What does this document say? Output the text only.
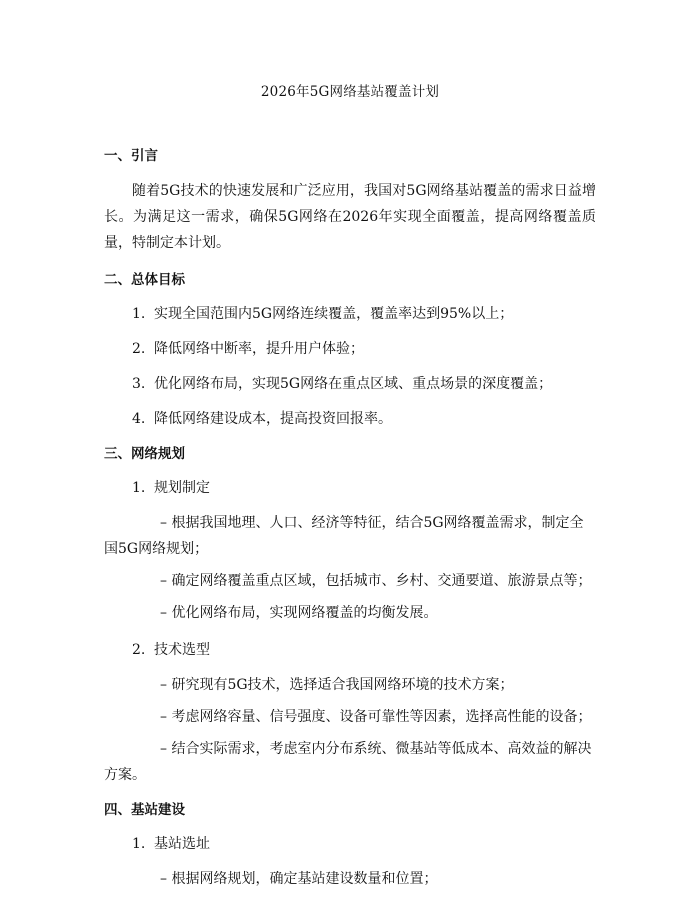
2026年5G网络基站覆盖计划
一、引言

随着5G技术的快速发展和广泛应用，我国对5G网络基站覆盖的需求日益增长。为满足这一需求，确保5G网络在2026年实现全面覆盖，提高网络覆盖质量，特制定本计划。

二、总体目标
1. 实现全国范围内5G网络连续覆盖，覆盖率达到95%以上；
2. 降低网络中断率，提升用户体验；
3. 优化网络布局，实现5G网络在重点区域、重点场景的深度覆盖；
4. 降低网络建设成本，提高投资回报率。
三、网络规划
1. 规划制定

– 根据我国地理、人口、经济等特征，结合5G网络覆盖需求，制定全国5G网络规划；

– 确定网络覆盖重点区域，包括城市、乡村、交通要道、旅游景点等；

– 优化网络布局，实现网络覆盖的均衡发展。

2. 技术选型

– 研究现有5G技术，选择适合我国网络环境的技术方案；

– 考虑网络容量、信号强度、设备可靠性等因素，选择高性能的设备；

– 结合实际需求，考虑室内分布系统、微基站等低成本、高效益的解决方案。

四、基站建设
1. 基站选址

– 根据网络规划，确定基站建设数量和位置；
